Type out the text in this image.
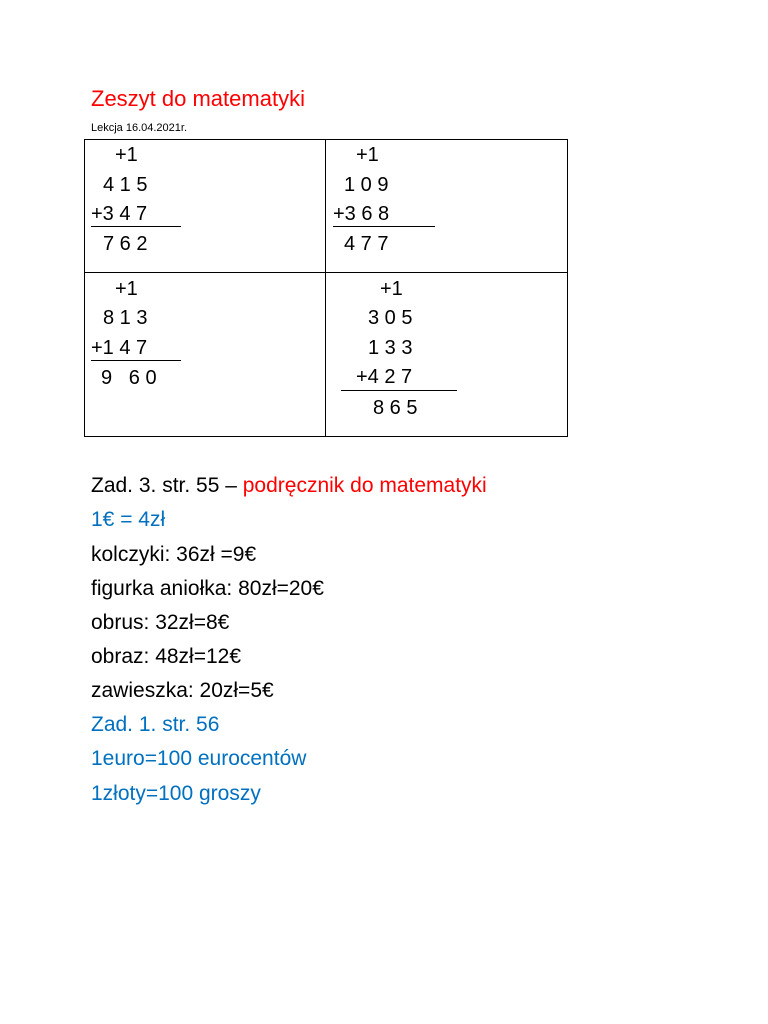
Zeszyt do matematyki
Lekcja 16.04.2021r.
+1
4 1 5
+3 4 7
7 6 2
+1
1 0 9
+3 6 8
4 7 7
+1
8 1 3
+1 4 7
9   6 0
+1
3 0 5
1 3 3
+4 2 7
8 6 5
Zad. 3. str. 55 – podręcznik do matematyki
1€ = 4zł
kolczyki: 36zł =9€
figurka aniołka: 80zł=20€
obrus: 32zł=8€
obraz: 48zł=12€
zawieszka: 20zł=5€
Zad. 1. str. 56
1euro=100 eurocentów
1złoty=100 groszy
